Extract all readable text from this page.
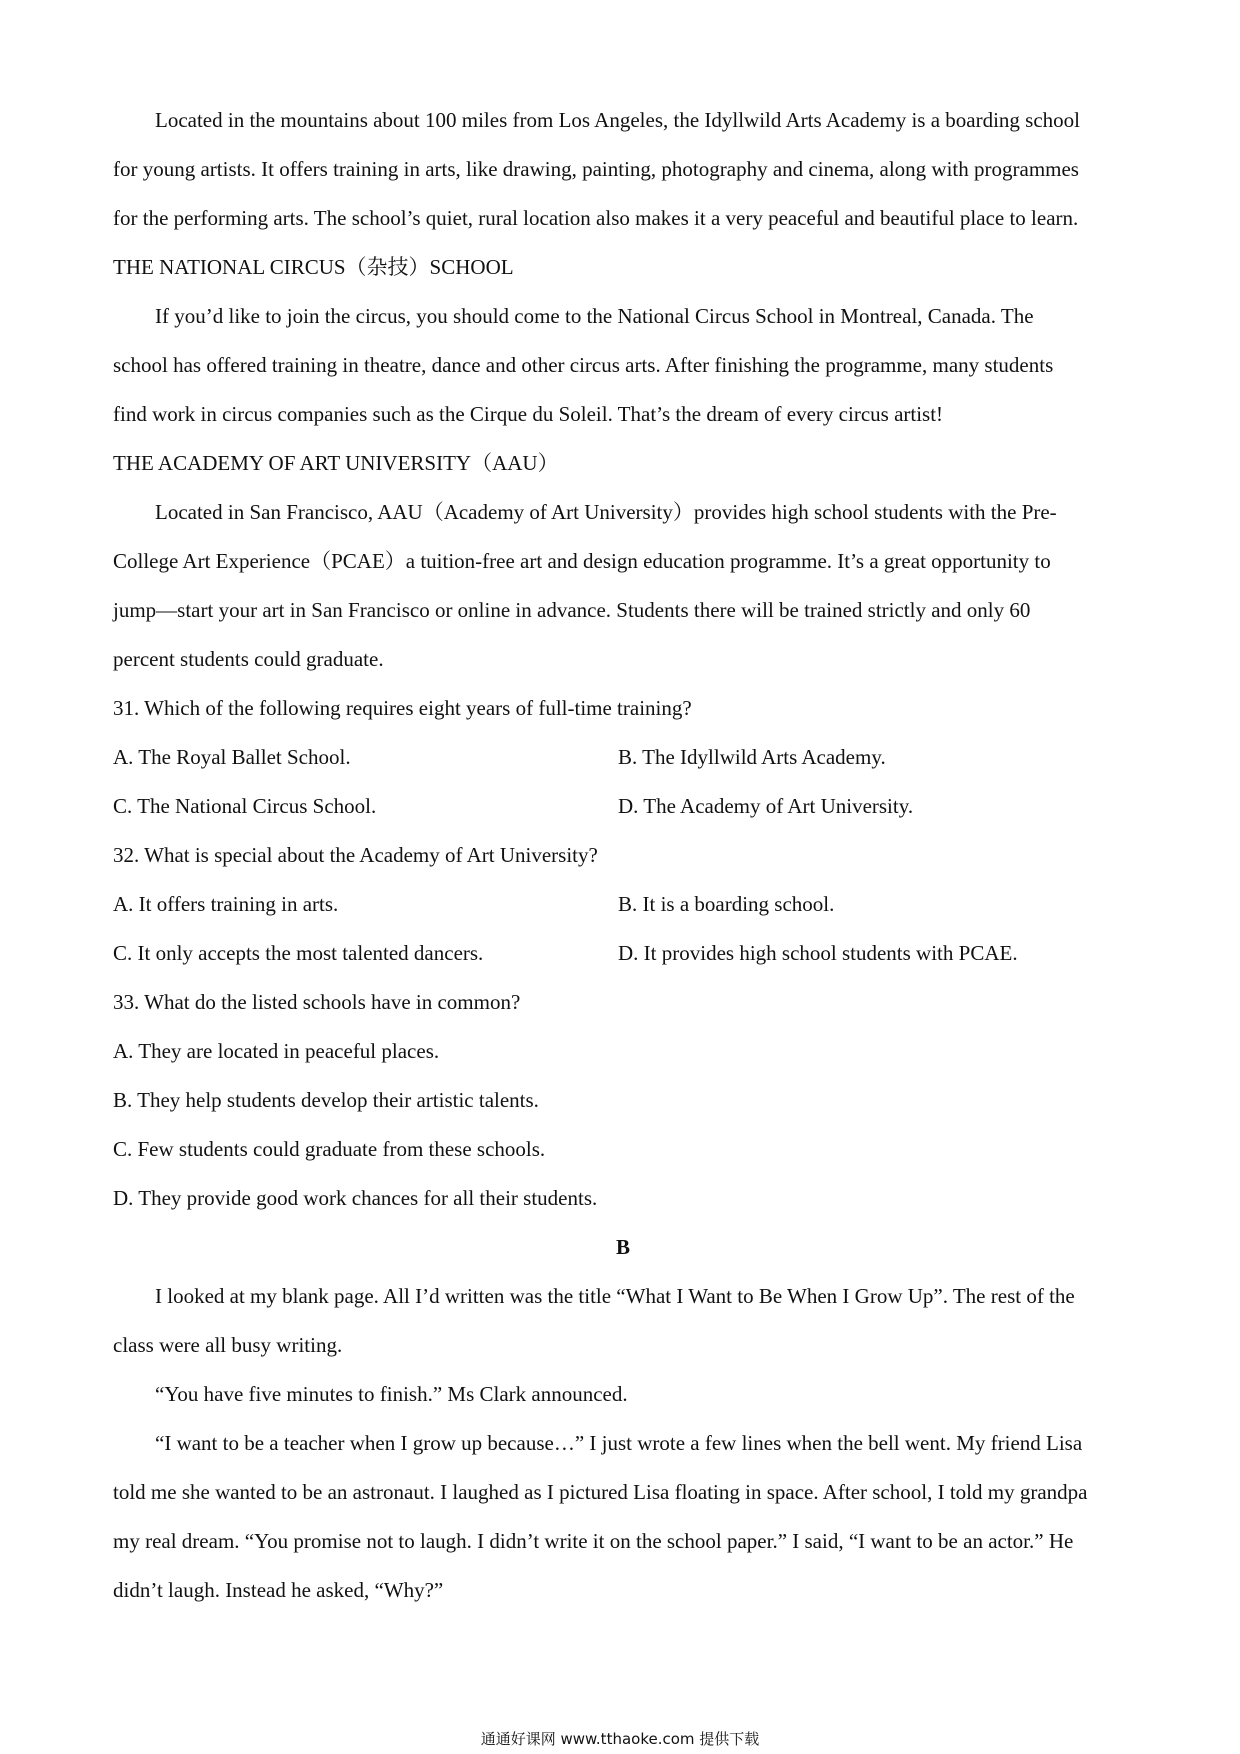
Located in the mountains about 100 miles from Los Angeles, the Idyllwild Arts Academy is a boarding school
for young artists. It offers training in arts, like drawing, painting, photography and cinema, along with programmes
for the performing arts. The school’s quiet, rural location also makes it a very peaceful and beautiful place to learn.
THE NATIONAL CIRCUS（杂技）SCHOOL
If you’d like to join the circus, you should come to the National Circus School in Montreal, Canada. The
school has offered training in theatre, dance and other circus arts. After finishing the programme, many students
find work in circus companies such as the Cirque du Soleil. That’s the dream of every circus artist!
THE ACADEMY OF ART UNIVERSITY（AAU）
Located in San Francisco, AAU（Academy of Art University）provides high school students with the Pre-
College Art Experience（PCAE）a tuition-free art and design education programme. It’s a great opportunity to
jump—start your art in San Francisco or online in advance. Students there will be trained strictly and only 60
percent students could graduate.
31. Which of the following requires eight years of full-time training?
A. The Royal Ballet School.	B. The Idyllwild Arts Academy.
C. The National Circus School.	D. The Academy of Art University.
32. What is special about the Academy of Art University?
A. It offers training in arts.	B. It is a boarding school.
C. It only accepts the most talented dancers.	D. It provides high school students with PCAE.
33. What do the listed schools have in common?
A. They are located in peaceful places.
B. They help students develop their artistic talents.
C. Few students could graduate from these schools.
D. They provide good work chances for all their students.
B
I looked at my blank page. All I’d written was the title “What I Want to Be When I Grow Up”. The rest of the
class were all busy writing.
“You have five minutes to finish.” Ms Clark announced.
“I want to be a teacher when I grow up because…” I just wrote a few lines when the bell went. My friend Lisa
told me she wanted to be an astronaut. I laughed as I pictured Lisa floating in space. After school, I told my grandpa
my real dream. “You promise not to laugh. I didn’t write it on the school paper.” I said, “I want to be an actor.” He
didn’t laugh. Instead he asked, “Why?”
通通好课网 www.tthaoke.com 提供下载
